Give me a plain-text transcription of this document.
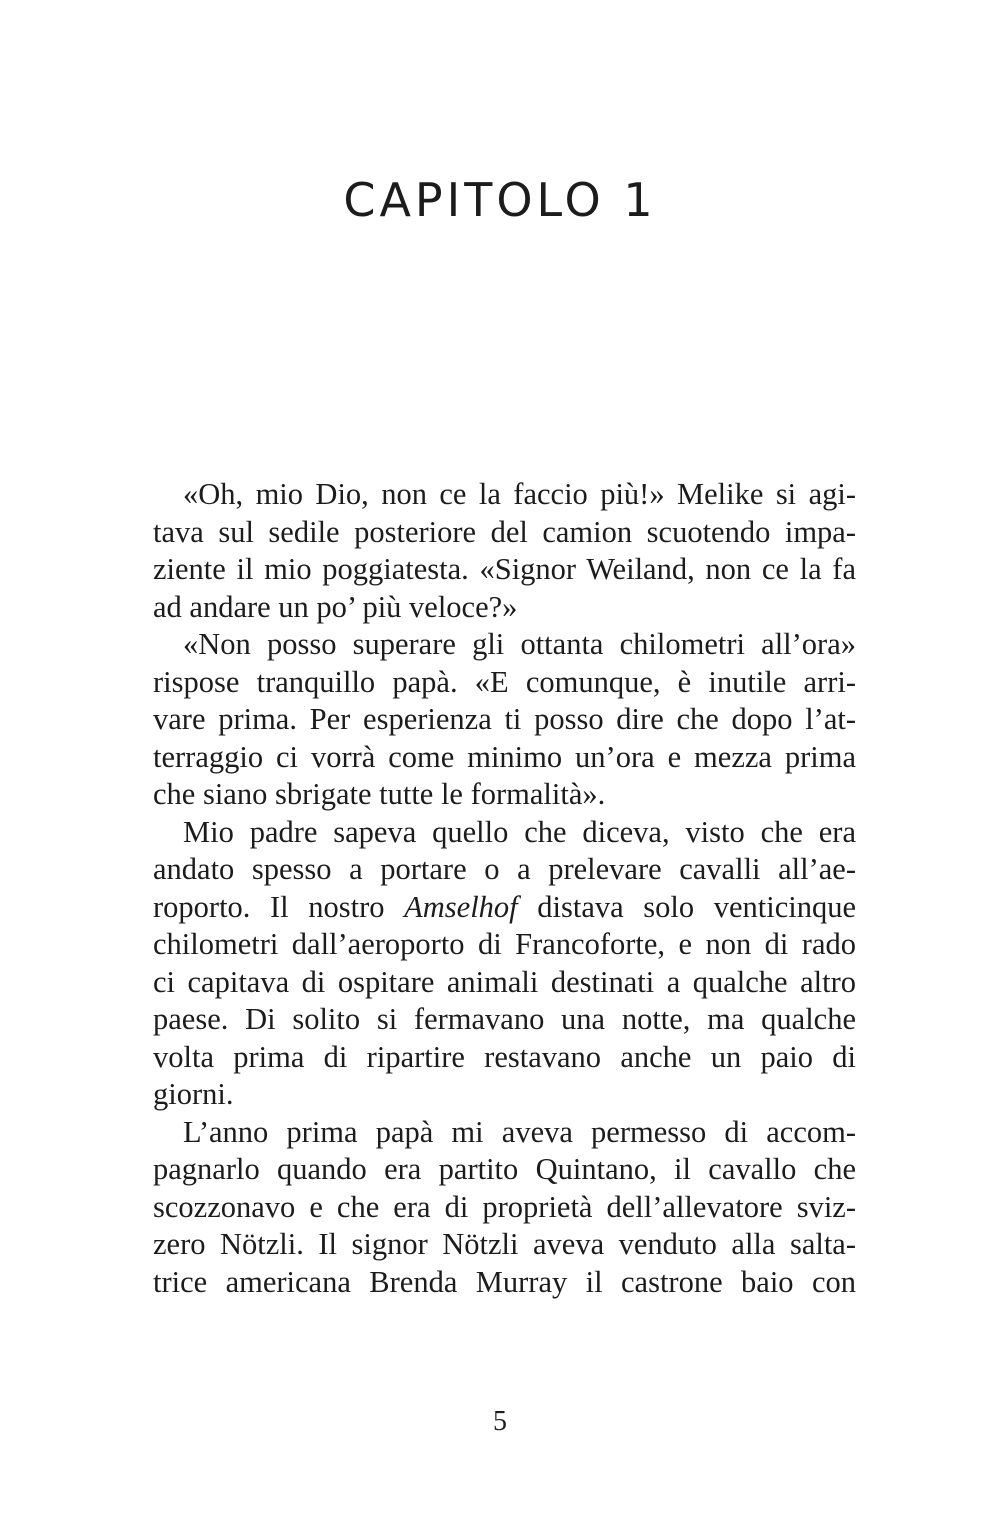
CAPITOLO 1
«Oh, mio Dio, non ce la faccio più!» Melike si agi-
tava sul sedile posteriore del camion scuotendo impa-
ziente il mio poggiatesta. «Signor Weiland, non ce la fa
ad andare un po’ più veloce?»
«Non posso superare gli ottanta chilometri all’ora»
rispose tranquillo papà. «E comunque, è inutile arri-
vare prima. Per esperienza ti posso dire che dopo l’at-
terraggio ci vorrà come minimo un’ora e mezza prima
che siano sbrigate tutte le formalità».
Mio padre sapeva quello che diceva, visto che era
andato spesso a portare o a prelevare cavalli all’ae-
roporto. Il nostro Amselhof distava solo venticinque
chilometri dall’aeroporto di Francoforte, e non di rado
ci capitava di ospitare animali destinati a qualche altro
paese. Di solito si fermavano una notte, ma qualche
volta prima di ripartire restavano anche un paio di
giorni.
L’anno prima papà mi aveva permesso di accom-
pagnarlo quando era partito Quintano, il cavallo che
scozzonavo e che era di proprietà dell’allevatore sviz-
zero Nötzli. Il signor Nötzli aveva venduto alla salta-
trice americana Brenda Murray il castrone baio con
5
